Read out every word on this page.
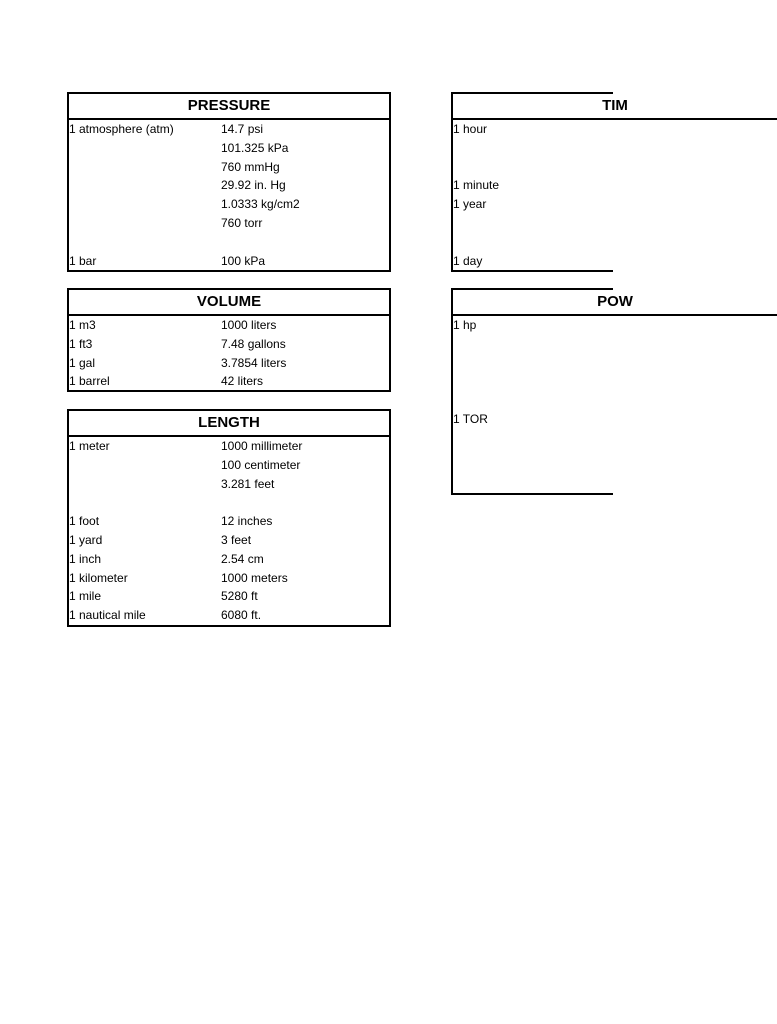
PRESSURE
1 atmosphere (atm)	14.7 psi
101.325 kPa
760 mmHg
29.92 in. Hg
1.0333 kg/cm2
760 torr
1 bar	100 kPa
VOLUME
1 m3	1000 liters
1 ft3	7.48 gallons
1 gal	3.7854 liters
1 barrel	42 liters
LENGTH
1 meter	1000 millimeter
100 centimeter
3.281 feet
1 foot	12 inches
1 yard	3 feet
1 inch	2.54 cm
1 kilometer	1000 meters
1 mile	5280 ft
1 nautical mile	6080 ft.
TIM
1 hour
1 minute
1 year
1 day
POW
1 hp
1 TOR
